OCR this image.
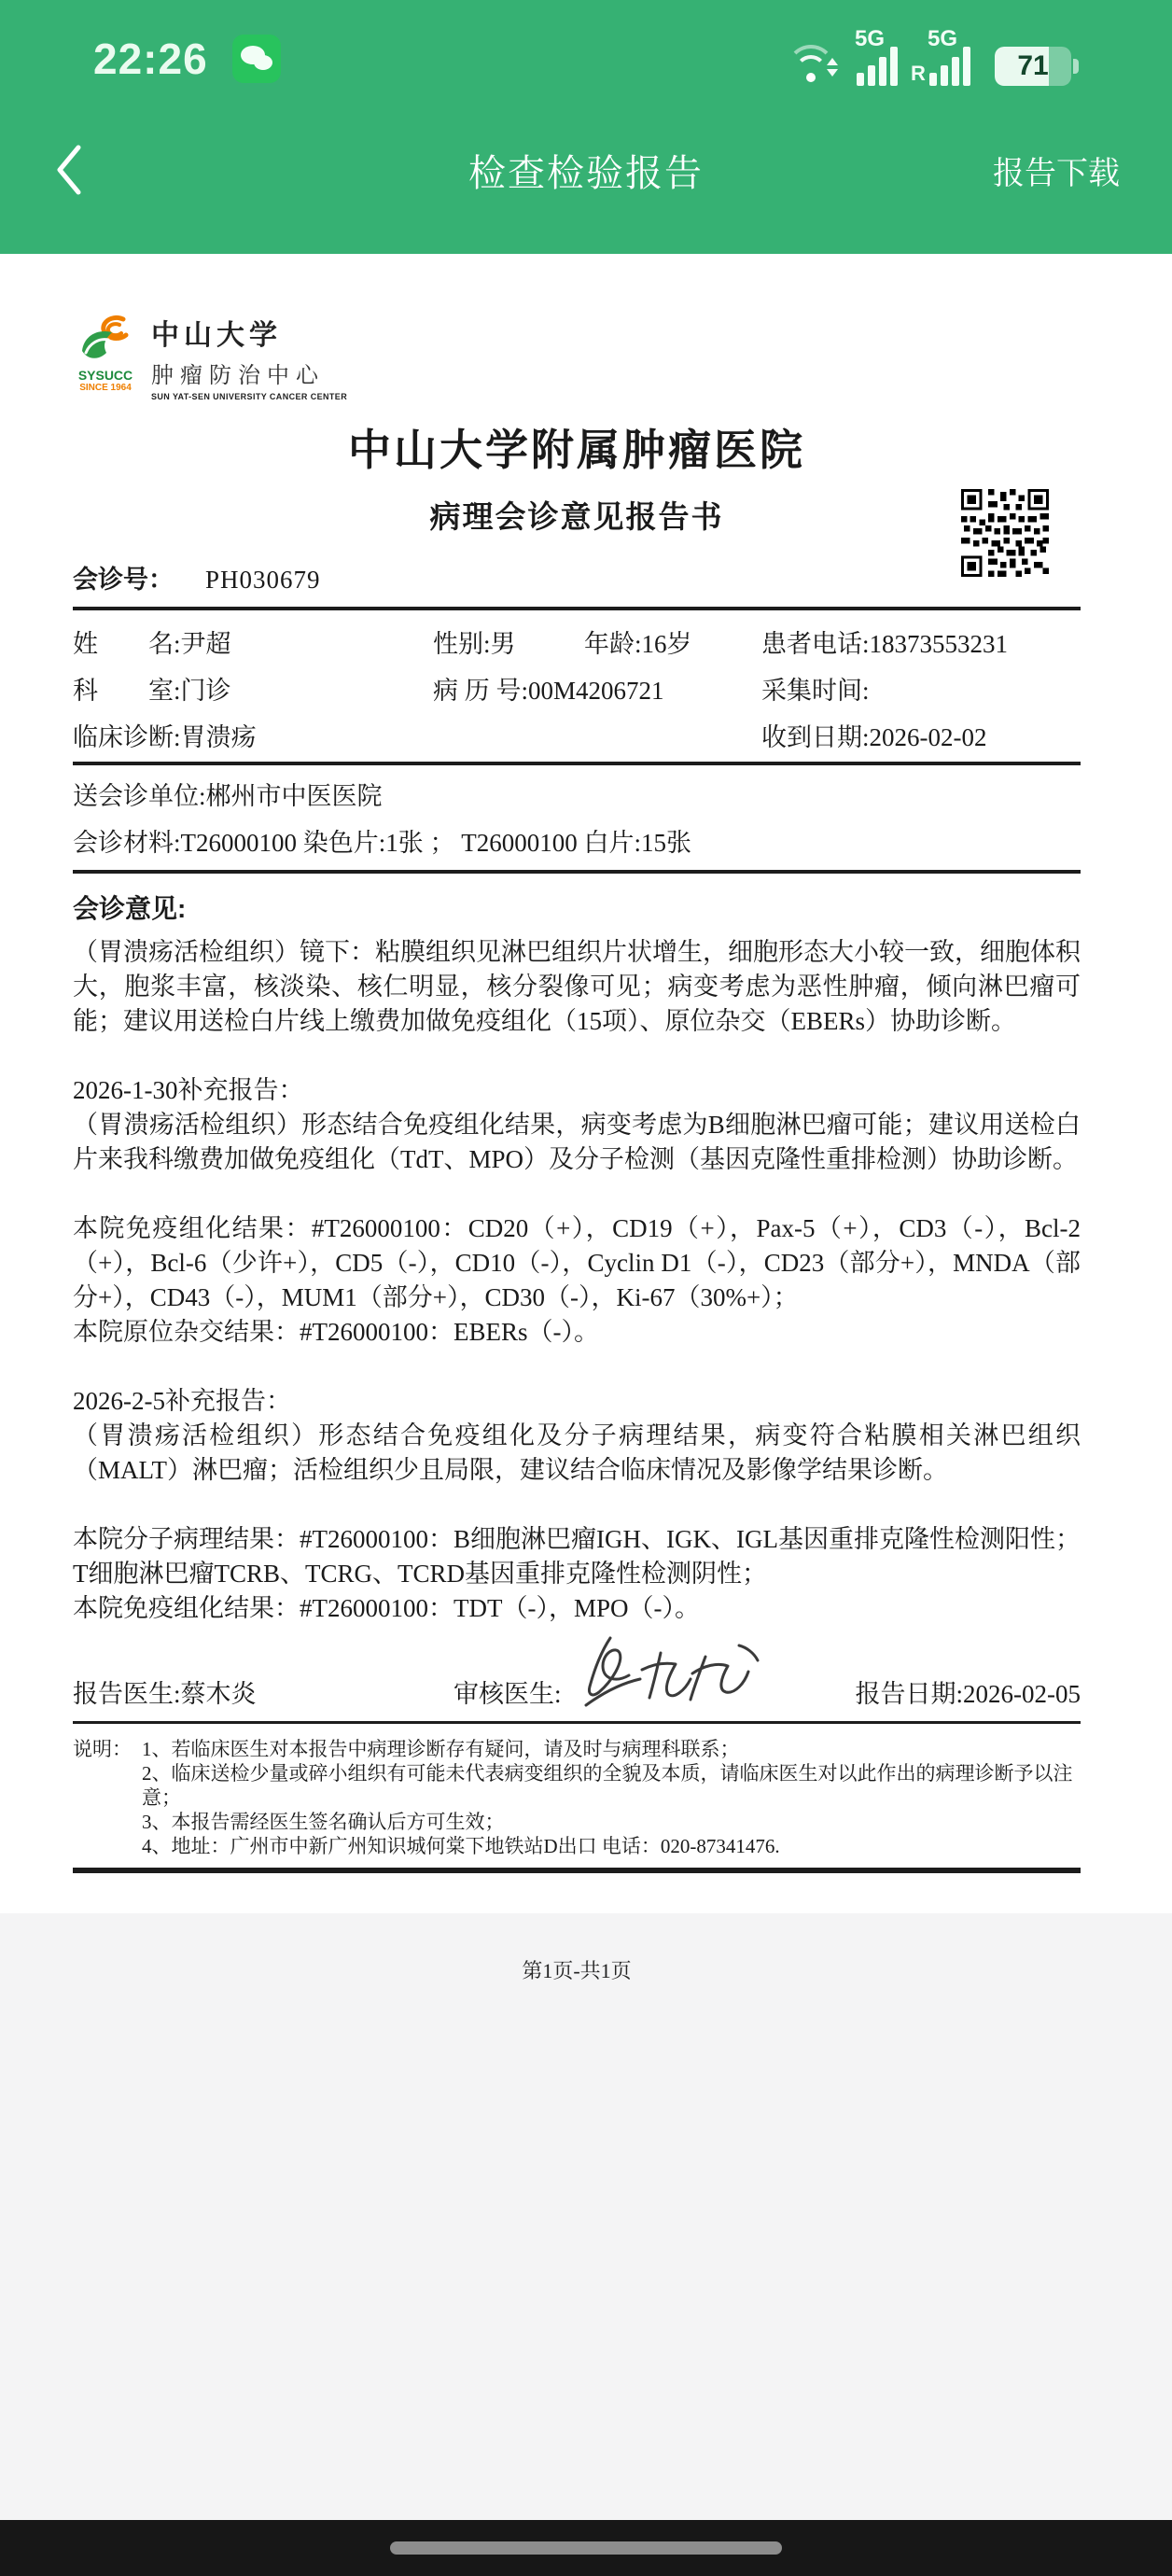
22:26	5G
R
5G
71
检查检验报告	报告下载
SYSUCC
SINCE 1964
中山大学
肿瘤防治中心
SUN YAT-SEN UNIVERSITY CANCER CENTER
中山大学附属肿瘤医院
病理会诊意见报告书
会诊号： PH030679
姓　　名:尹超	性别:男	年龄:16岁	患者电话:18373553231
科　　室:门诊	病 历 号:00M4206721	采集时间:
临床诊断:胃溃疡	收到日期:2026-02-02
送会诊单位:郴州市中医医院
会诊材料:T26000100 染色片:1张 ； T26000100 白片:15张
会诊意见:
（胃溃疡活检组织）镜下：粘膜组织见淋巴组织片状增生，细胞形态大小较一致，细胞体积大，胞浆丰富，核淡染、核仁明显，核分裂像可见；病变考虑为恶性肿瘤，倾向淋巴瘤可能；建议用送检白片线上缴费加做免疫组化（15项）、原位杂交（EBERs）协助诊断。
2026-1-30补充报告：
（胃溃疡活检组织）形态结合免疫组化结果，病变考虑为B细胞淋巴瘤可能；建议用送检白片来我科缴费加做免疫组化（TdT、MPO）及分子检测（基因克隆性重排检测）协助诊断。
本院免疫组化结果：#T26000100：CD20（+），CD19（+），Pax-5（+），CD3（-），Bcl-2（+），Bcl-6（少许+），CD5（-），CD10（-），Cyclin D1（-），CD23（部分+），MNDA（部分+），CD43（-），MUM1（部分+），CD30（-），Ki-67（30%+）；
本院原位杂交结果：#T26000100：EBERs（-）。
2026-2-5补充报告：
（胃溃疡活检组织）形态结合免疫组化及分子病理结果，病变符合粘膜相关淋巴组织（MALT）淋巴瘤；活检组织少且局限，建议结合临床情况及影像学结果诊断。
本院分子病理结果：#T26000100：B细胞淋巴瘤IGH、IGK、IGL基因重排克隆性检测阳性；T细胞淋巴瘤TCRB、TCRG、TCRD基因重排克隆性检测阴性；
本院免疫组化结果：#T26000100：TDT（-），MPO（-）。
报告医生:蔡木炎	审核医生:	报告日期:2026-02-05
说明： 1、若临床医生对本报告中病理诊断存有疑问，请及时与病理科联系；
2、临床送检少量或碎小组织有可能未代表病变组织的全貌及本质，请临床医生对以此作出的病理诊断予以注意；
3、本报告需经医生签名确认后方可生效；
4、地址：广州市中新广州知识城何棠下地铁站D出口 电话：020-87341476.
第1页-共1页
